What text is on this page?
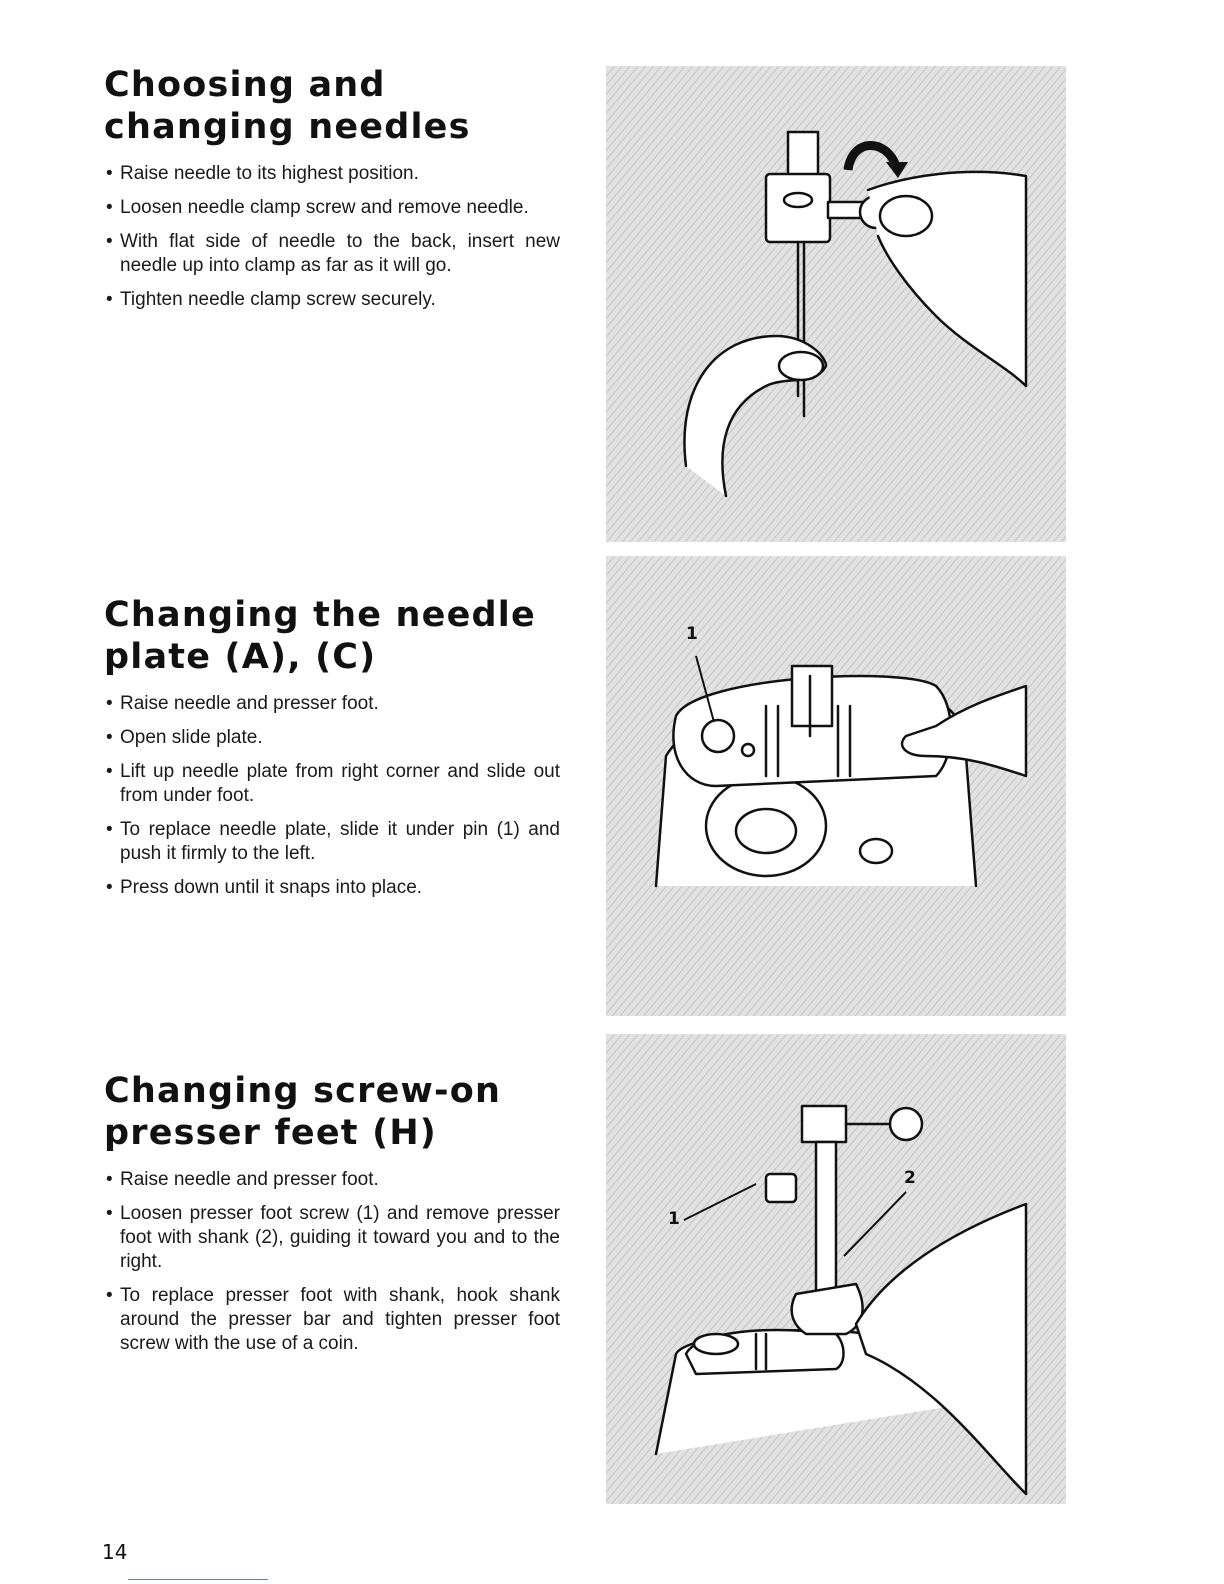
Choosing and changing needles
• Raise needle to its highest position.
• Loosen needle clamp screw and remove needle.
• With flat side of needle to the back, insert new needle up into clamp as far as it will go.
• Tighten needle clamp screw securely.
Changing the needle plate (A), (C)
• Raise needle and presser foot.
• Open slide plate.
• Lift up needle plate from right corner and slide out from under foot.
• To replace needle plate, slide it under pin (1) and push it firmly to the left.
• Press down until it snaps into place.
Changing screw-on presser feet (H)
• Raise needle and presser foot.
• Loosen presser foot screw (1) and remove presser foot with shank (2), guiding it toward you and to the right.
• To replace presser foot with shank, hook shank around the presser bar and tighten presser foot screw with the use of a coin.
1
1
2
14
